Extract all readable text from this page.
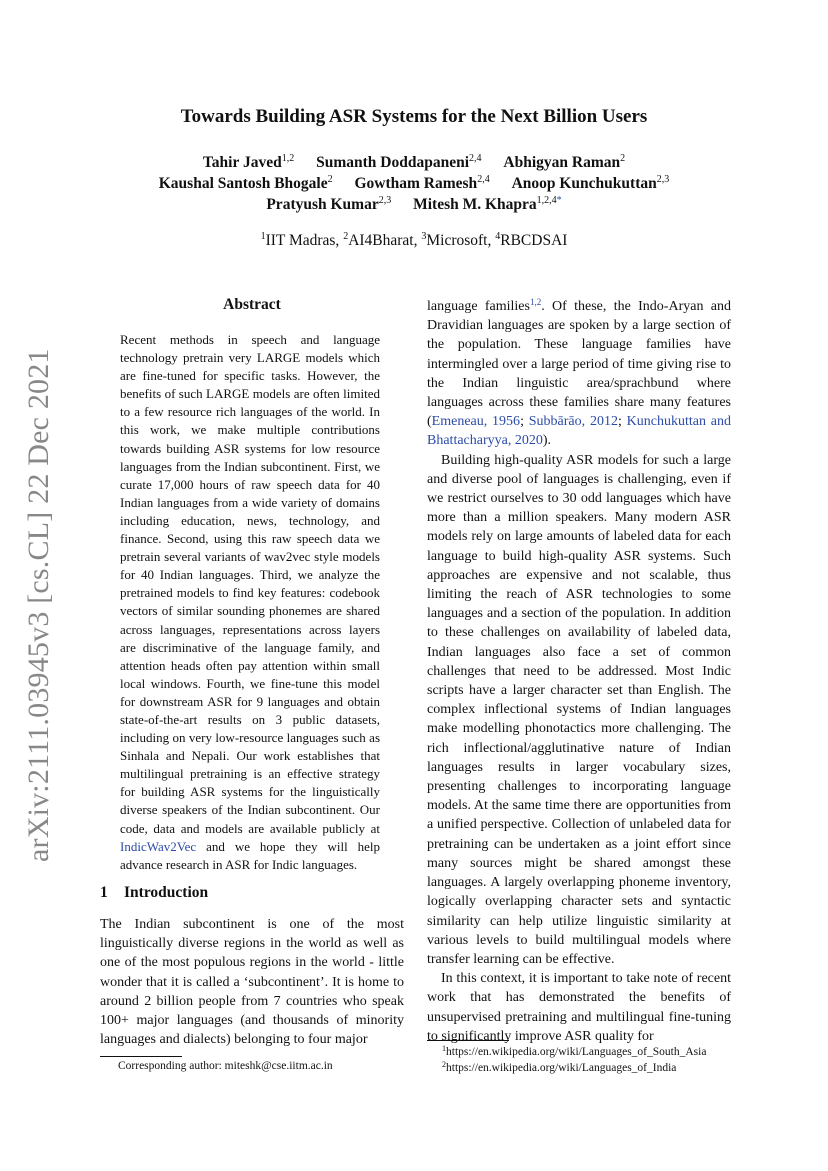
arXiv:2111.03945v3 [cs.CL] 22 Dec 2021
Towards Building ASR Systems for the Next Billion Users
Tahir Javed$^{1,2}$ Sumanth Doddapaneni$^{2,4}$ Abhigyan Raman$^2$
Kaushal Santosh Bhogale$^2$ Gowtham Ramesh$^{2,4}$ Anoop Kunchukuttan$^{2,3}$
Pratyush Kumar$^{2,3}$ Mitesh M. Khapra$^{1,2,4*}$
$^1$IIT Madras, $^2$AI4Bharat, $^3$Microsoft, $^4$RBCDSAI
Abstract
Recent methods in speech and language technology pretrain very LARGE models which are fine-tuned for specific tasks. However, the benefits of such LARGE models are often limited to a few resource rich languages of the world. In this work, we make multiple contributions towards building ASR systems for low resource languages from the Indian subcontinent. First, we curate 17,000 hours of raw speech data for 40 Indian languages from a wide variety of domains including education, news, technology, and finance. Second, using this raw speech data we pretrain several variants of wav2vec style models for 40 Indian languages. Third, we analyze the pretrained models to find key features: codebook vectors of similar sounding phonemes are shared across languages, representations across layers are discriminative of the language family, and attention heads often pay attention within small local windows. Fourth, we fine-tune this model for downstream ASR for 9 languages and obtain state-of-the-art results on 3 public datasets, including on very low-resource languages such as Sinhala and Nepali. Our work establishes that multilingual pretraining is an effective strategy for building ASR systems for the linguistically diverse speakers of the Indian subcontinent. Our code, data and models are available publicly at IndicWav2Vec and we hope they will help advance research in ASR for Indic languages.
1 Introduction
The Indian subcontinent is one of the most linguistically diverse regions in the world as well as one of the most populous regions in the world - little wonder that it is called a ‘subcontinent’. It is home to around 2 billion people from 7 countries who speak 100+ major languages (and thousands of minority languages and dialects) belonging to four major

language families$^{1,2}$. Of these, the Indo-Aryan and Dravidian languages are spoken by a large section of the population. These language families have intermingled over a large period of time giving rise to the Indian linguistic area/sprachbund where languages across these families share many features (Emeneau, 1956; Subbārāo, 2012; Kunchukuttan and Bhattacharyya, 2020).

Building high-quality ASR models for such a large and diverse pool of languages is challenging, even if we restrict ourselves to 30 odd languages which have more than a million speakers. Many modern ASR models rely on large amounts of labeled data for each language to build high-quality ASR systems. Such approaches are expensive and not scalable, thus limiting the reach of ASR technologies to some languages and a section of the population. In addition to these challenges on availability of labeled data, Indian languages also face a set of common challenges that need to be addressed. Most Indic scripts have a larger character set than English. The complex inflectional systems of Indian languages make modelling phonotactics more challenging. The rich inflectional/agglutinative nature of Indian languages results in larger vocabulary sizes, presenting challenges to incorporating language models. At the same time there are opportunities from a unified perspective. Collection of unlabeled data for pretraining can be undertaken as a joint effort since many sources might be shared amongst these languages. A largely overlapping phoneme inventory, logically overlapping character sets and syntactic similarity can help utilize linguistic similarity at various levels to build multilingual models where transfer learning can be effective.

In this context, it is important to take note of recent work that has demonstrated the benefits of unsupervised pretraining and multilingual fine-tuning to significantly improve ASR quality for

Corresponding author: miteshk@cse.iitm.ac.in
$^1$https://en.wikipedia.org/wiki/Languages_of_South_Asia
$^2$https://en.wikipedia.org/wiki/Languages_of_India
